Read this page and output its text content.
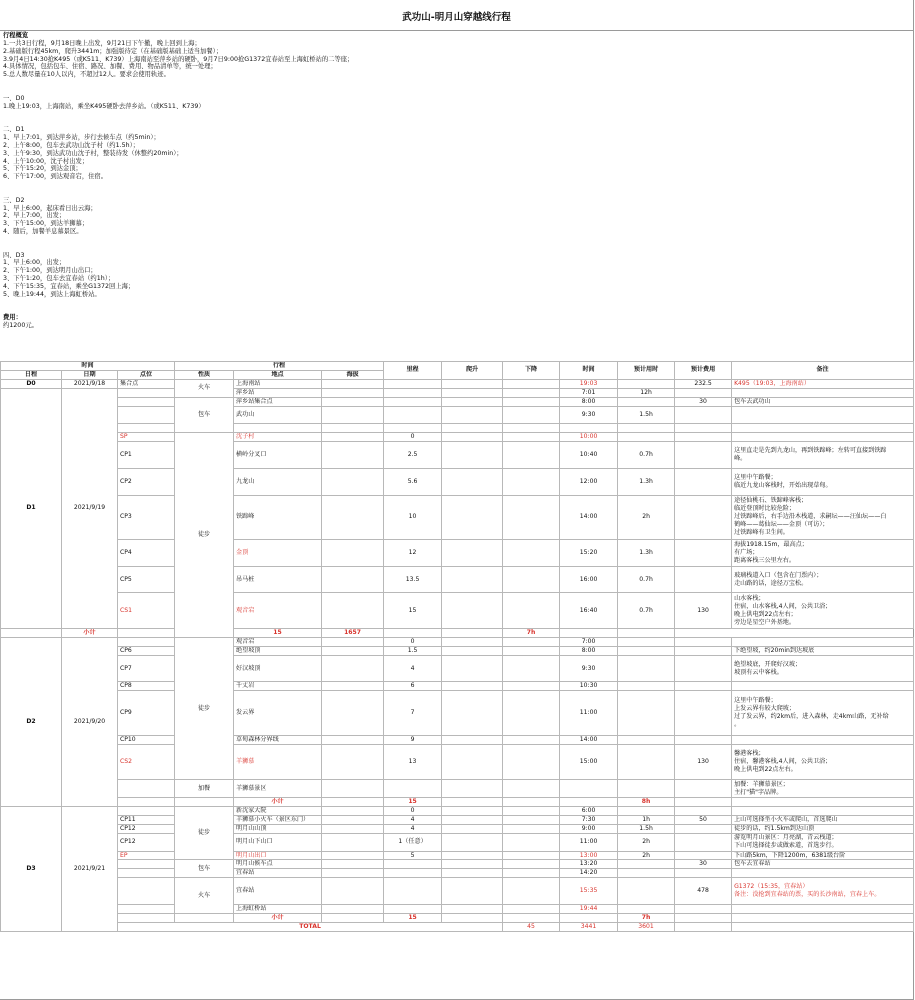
武功山-明月山穿越线行程
行程概览
1.一共3日行程，9月18日晚上出发，9月21日下午撤，晚上回到上海；
2.基础版行程45km，爬升3441m；加强版待定（在基础版基础上适当加餐）；
3.9月4日14:30抢K495（或K511、K739）上海南站至萍乡站的硬卧，9月7日9:00抢G1372宜春站至上海虹桥站的二等座；
4.具体情况，包括包车、住宿、路况、加餐、费用、物品清单等，统一处理；
5.总人数尽量在10人以内，不超过12人。要求会使用轨迹。

一、D0
1.晚上19:03，上海南站，乘坐K495硬卧去萍乡站。（或K511、K739）

二、D1
1、早上7:01，到达萍乡站，步行去候车点（约5min）；
2、上午8:00，包车去武功山沈子村（约1.5h）；
3、上午9:30，到达武功山沈子村，整装待发（休整约20min）；
4、上午10:00，沈子村出发；
5、下午15:20，到达金顶；
6、下午17:00，到达观音宕，住宿。

三、D2
1、早上6:00，起床看日出云海；
2、早上7:00，出发；
3、下午15:00，到达羊狮慕；
4、随后，加餐羊息慕景区。

四、D3
1、早上6:00，出发；
2、下午1:00，到达明月山出口；
3、下午1:20，包车去宜春站（约1h）；
4、下午15:35，宜春站，乘坐G1372回上海；
5、晚上19:44，到达上海虹桥站。

费用：
约1200元。
时间			行程			里程	爬升	下降	时间	预计用时	预计费用	备注	
日程	日期	点位	性质	地点	海拔								
D0	2021/9/18	集合点	火车	上海南站					19:03		232.5	K495（19:03，上海南站）	
D1	2021/9/19			萍乡站					7:01	12h			
			包车	萍乡站集合点					8:00		30	包车去武功山	
				武功山					9:30	1.5h			

		SP	徒步	沈子村		0			10:00				
		CP1		横岭分叉口		2.5			10:40	0.7h		这里直走是先到九龙山，再到铁蹄峰；左转可直接到铁蹄
峰。	

		CP2		九龙山		5.6			12:00	1.3h		这里中午路餐；
临近九龙山客栈时，开始出现草甸。	

		CP3		铁蹄峰		10			14:00	2h		途径仙桃石、铁蹄峰客栈；
临近登顶时比较危险；
过铁蹄峰后，右手边沿木栈道，求嗣坛——汪仙坛——白
鹤峰——葛仙坛——金顶（可访）；
过铁蹄峰有卫生间。	

		CP4		金顶		12			15:20	1.3h		海拔1918.15m，最高点；
有广场；
距离客栈三公里左右。	

		CP5		吊马桩		13.5			16:00	0.7h		玻璃栈道入口（包含在门票内）；
走山路的话，途径万宝松。	

		CS1		观音宕		15			16:40	0.7h	130	山水客栈；
住宿，山水客栈,4人间，公共卫浴；
晚上供电到22点左右；
旁边是星空户外基地。	

	小计			15	1657			7h					
D2	2021/9/20		徒步	观音宕		0			7:00				
		CP6		绝望坡顶		1.5			8:00			下绝望坡，约20min到达坡底	

		CP7		好汉坡顶		4			9:30			绝望坡底，开爬好汉坡；
坡顶有云中客栈。	

		CP8		千丈岩		6			10:30				
		CP9		发云界		7			11:00			这里中午路餐；
上发云界有较大爬坡；
过了发云界，约2km后，进入森林，走4km山路，无补给
。	

		CP10		草甸森林分界线		9			14:00				
		CS2		羊狮慕		13			15:00		130	馨港客栈；
住宿，馨港客栈,4人间，公共卫浴；
晚上供电到22点左右。	

			加餐	羊狮慕景区								加餐：羊狮慕景区；
主打"猫"字品牌。	

				小计		15				8h			
D3	2021/9/21		徒步	新沈家大院		0			6:00				
		CP11		羊狮慕小火车（景区东门）		4			7:30	1h	50	上山可选择坐小火车或爬山，首选爬山	

		CP12		明月山山顶		4			9:00	1.5h		徒步的话，约1.5km到达山顶	

		CP12		明月山下山口		1（任意）			11:00	2h		游览明月山景区：月亮湖，青云栈道；
下山可选择徒步或做索道，首选步行。	

		EP		明月山出口		5			13:00	2h		下山路5km，下降1200m，6381级台阶	

			包车	明月山候车点					13:20		30	包车去宜春站	
				宜春站					14:20				
			火车	宜春站					15:35		478	G1372（15:35，宜春站）
备注：没抢到宜春站的票，买的长沙南站，宜春上车。	

				上海虹桥站					19:44				
				小计		15				7h			
		TOTAL						45	3441	3601				
